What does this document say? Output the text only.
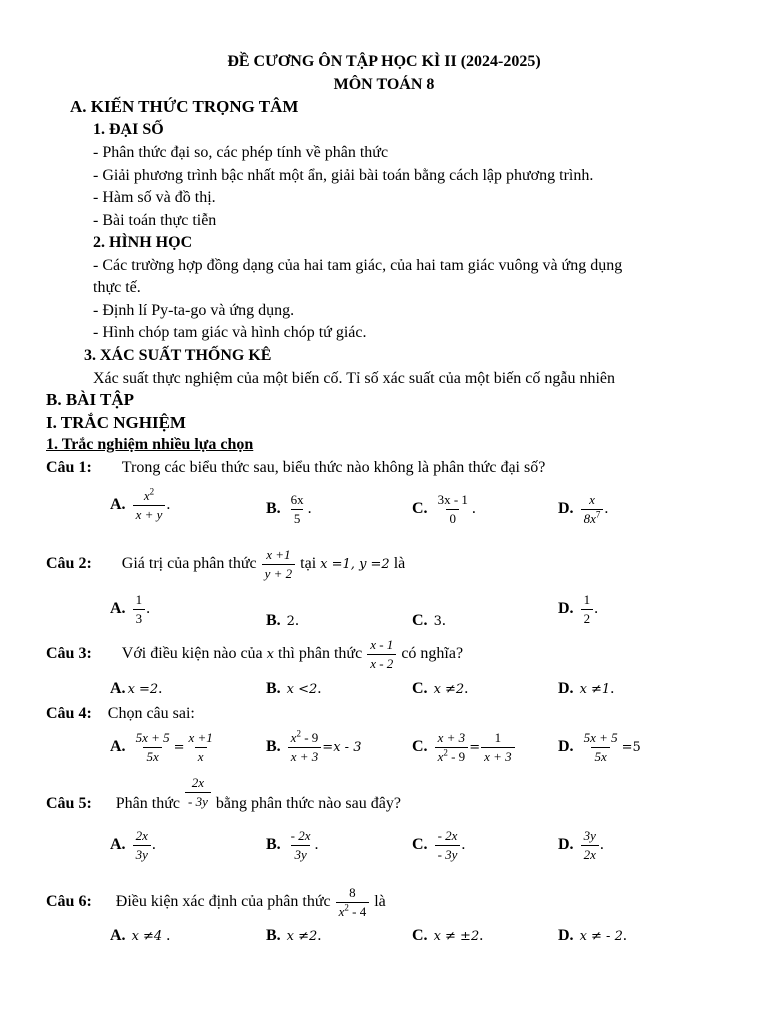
ĐỀ CƯƠNG ÔN TẬP HỌC KÌ II (2024-2025)
MÔN TOÁN 8
A. KIẾN THỨC TRỌNG TÂM
1. ĐẠI SỐ
- Phân thức đại so, các phép tính về phân thức
- Giải phương trình bậc nhất một ẩn, giải bài toán bằng cách lập phương trình.
- Hàm số và đồ thị.
- Bài toán thực tiễn
2. HÌNH HỌC
- Các trường hợp đồng dạng của hai tam giác, của hai tam giác vuông và ứng dụng
thực tế.
- Định lí Py-ta-go và ứng dụng.
- Hình chóp tam giác và hình chóp tứ giác.
3. XÁC SUẤT THỐNG KÊ
Xác suất thực nghiệm của một biến cố. Tỉ số xác suất của một biến cố ngẫu nhiên
B. BÀI TẬP
I. TRẮC NGHIỆM
1. Trắc nghiệm nhiều lựa chọn
Câu 1: Trong các biểu thức sau, biểu thức nào không là phân thức đại số?
A. $\frac{x^2}{x + y}$ .	B. $\frac{6x}{5}$ .	C. $\frac{3x - 1}{0}$ .	D. $\frac{x}{8x^7}$ .
Câu 2: Giá trị của phân thức $\frac{x +1}{y + 2}$ tại x =1, y =2 là
A. $\frac{1}{3}$ .
B. 2.	C. 3.
D. $\frac{1}{2}$ .
Câu 3: Với điều kiện nào của x thì phân thức $\frac{x - 1}{x - 2}$ có nghĩa?
A. x =2.	B. x <2.	C. x ≠2.	D. x ≠1.
Câu 4: Chọn câu sai:
A. $\frac{5x + 5}{5x} = \frac{x +1}{x}$	B. $\frac{x^2 - 9}{x + 3} =x - 3$	C. $\frac{x + 3}{x^2 - 9} = \frac{1}{x + 3}$	D. $\frac{5x + 5}{5x} =5$
Câu 5: Phân thức $\frac{2x}{- 3y}$ bằng phân thức nào sau đây?
A. $\frac{2x}{3y}$ .	B. $\frac{- 2x}{3y}$ .	C. $\frac{- 2x}{- 3y}$ .	D. $\frac{3y}{2x}$ .
Câu 6: Điều kiện xác định của phân thức $\frac{8}{x^2 - 4}$ là
A. x ≠4 .	B. x ≠2.	C. x ≠ ±2.	D. x ≠ - 2.
